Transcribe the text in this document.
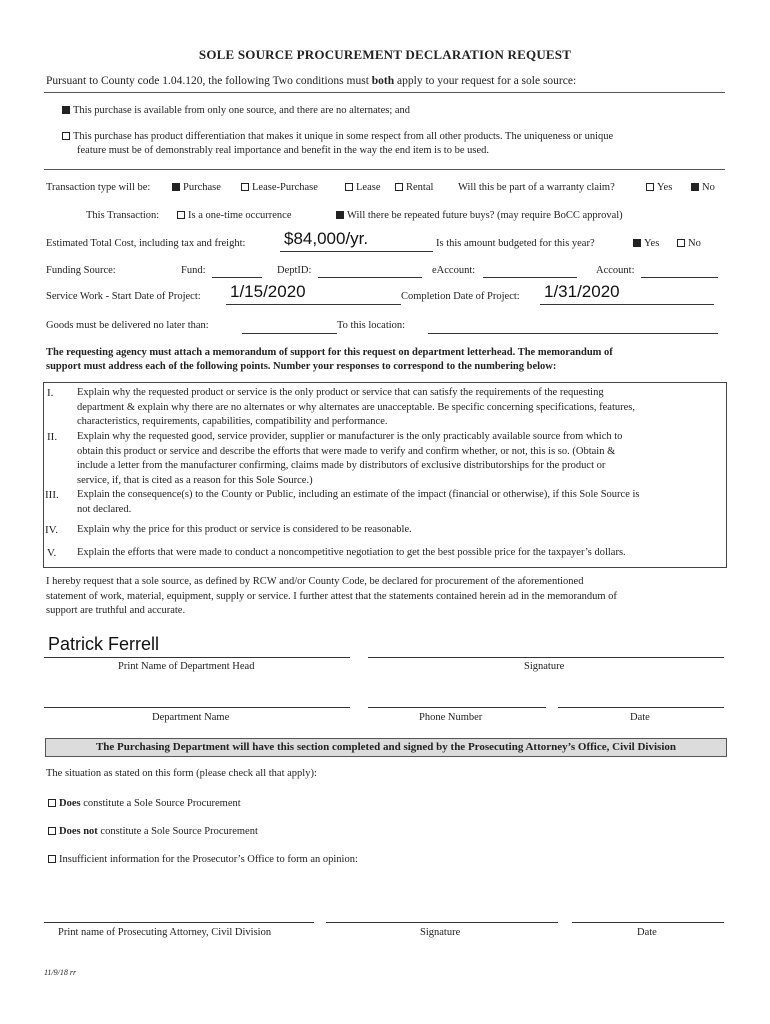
SOLE SOURCE PROCUREMENT DECLARATION REQUEST
Pursuant to County code 1.04.120, the following Two conditions must both apply to your request for a sole source:
This purchase is available from only one source, and there are no alternates; and
This purchase has product differentiation that makes it unique in some respect from all other products. The uniqueness or unique
feature must be of demonstrably real importance and benefit in the way the end item is to be used.
Transaction type will be:	Purchase	Lease-Purchase	Lease	Rental Will this be part of a warranty claim?	Yes	No
This Transaction:	Is a one-time occurrence	Will there be repeated future buys? (may require BoCC approval)
Estimated Total Cost, including tax and freight: $84,000/yr.	Is this amount budgeted for this year?	Yes	No
Funding Source:	Fund:	DeptID:	eAccount:	Account:
Service Work - Start Date of Project: 1/15/2020	Completion Date of Project: 1/31/2020
Goods must be delivered no later than:	To this location:
The requesting agency must attach a memorandum of support for this request on department letterhead. The memorandum of
support must address each of the following points. Number your responses to correspond to the numbering below:
I. Explain why the requested product or service is the only product or service that can satisfy the requirements of the requesting
department & explain why there are no alternates or why alternates are unacceptable. Be specific concerning specifications, features,
characteristics, requirements, capabilities, compatibility and performance.
II. Explain why the requested good, service provider, supplier or manufacturer is the only practicably available source from which to
obtain this product or service and describe the efforts that were made to verify and confirm whether, or not, this is so. (Obtain &
include a letter from the manufacturer confirming, claims made by distributors of exclusive distributorships for the product or
service, if, that is cited as a reason for this Sole Source.)
III. Explain the consequence(s) to the County or Public, including an estimate of the impact (financial or otherwise), if this Sole Source is
not declared.
IV. Explain why the price for this product or service is considered to be reasonable.
V. Explain the efforts that were made to conduct a noncompetitive negotiation to get the best possible price for the taxpayer’s dollars.
I hereby request that a sole source, as defined by RCW and/or County Code, be declared for procurement of the aforementioned
statement of work, material, equipment, supply or service. I further attest that the statements contained herein ad in the memorandum of
support are truthful and accurate.
Patrick Ferrell
Print Name of Department Head	Signature
Department Name	Phone Number	Date
The Purchasing Department will have this section completed and signed by the Prosecuting Attorney’s Office, Civil Division
The situation as stated on this form (please check all that apply):
Does constitute a Sole Source Procurement
Does not constitute a Sole Source Procurement
Insufficient information for the Prosecutor’s Office to form an opinion:
Print name of Prosecuting Attorney, Civil Division	Signature	Date
11/9/18 rr
